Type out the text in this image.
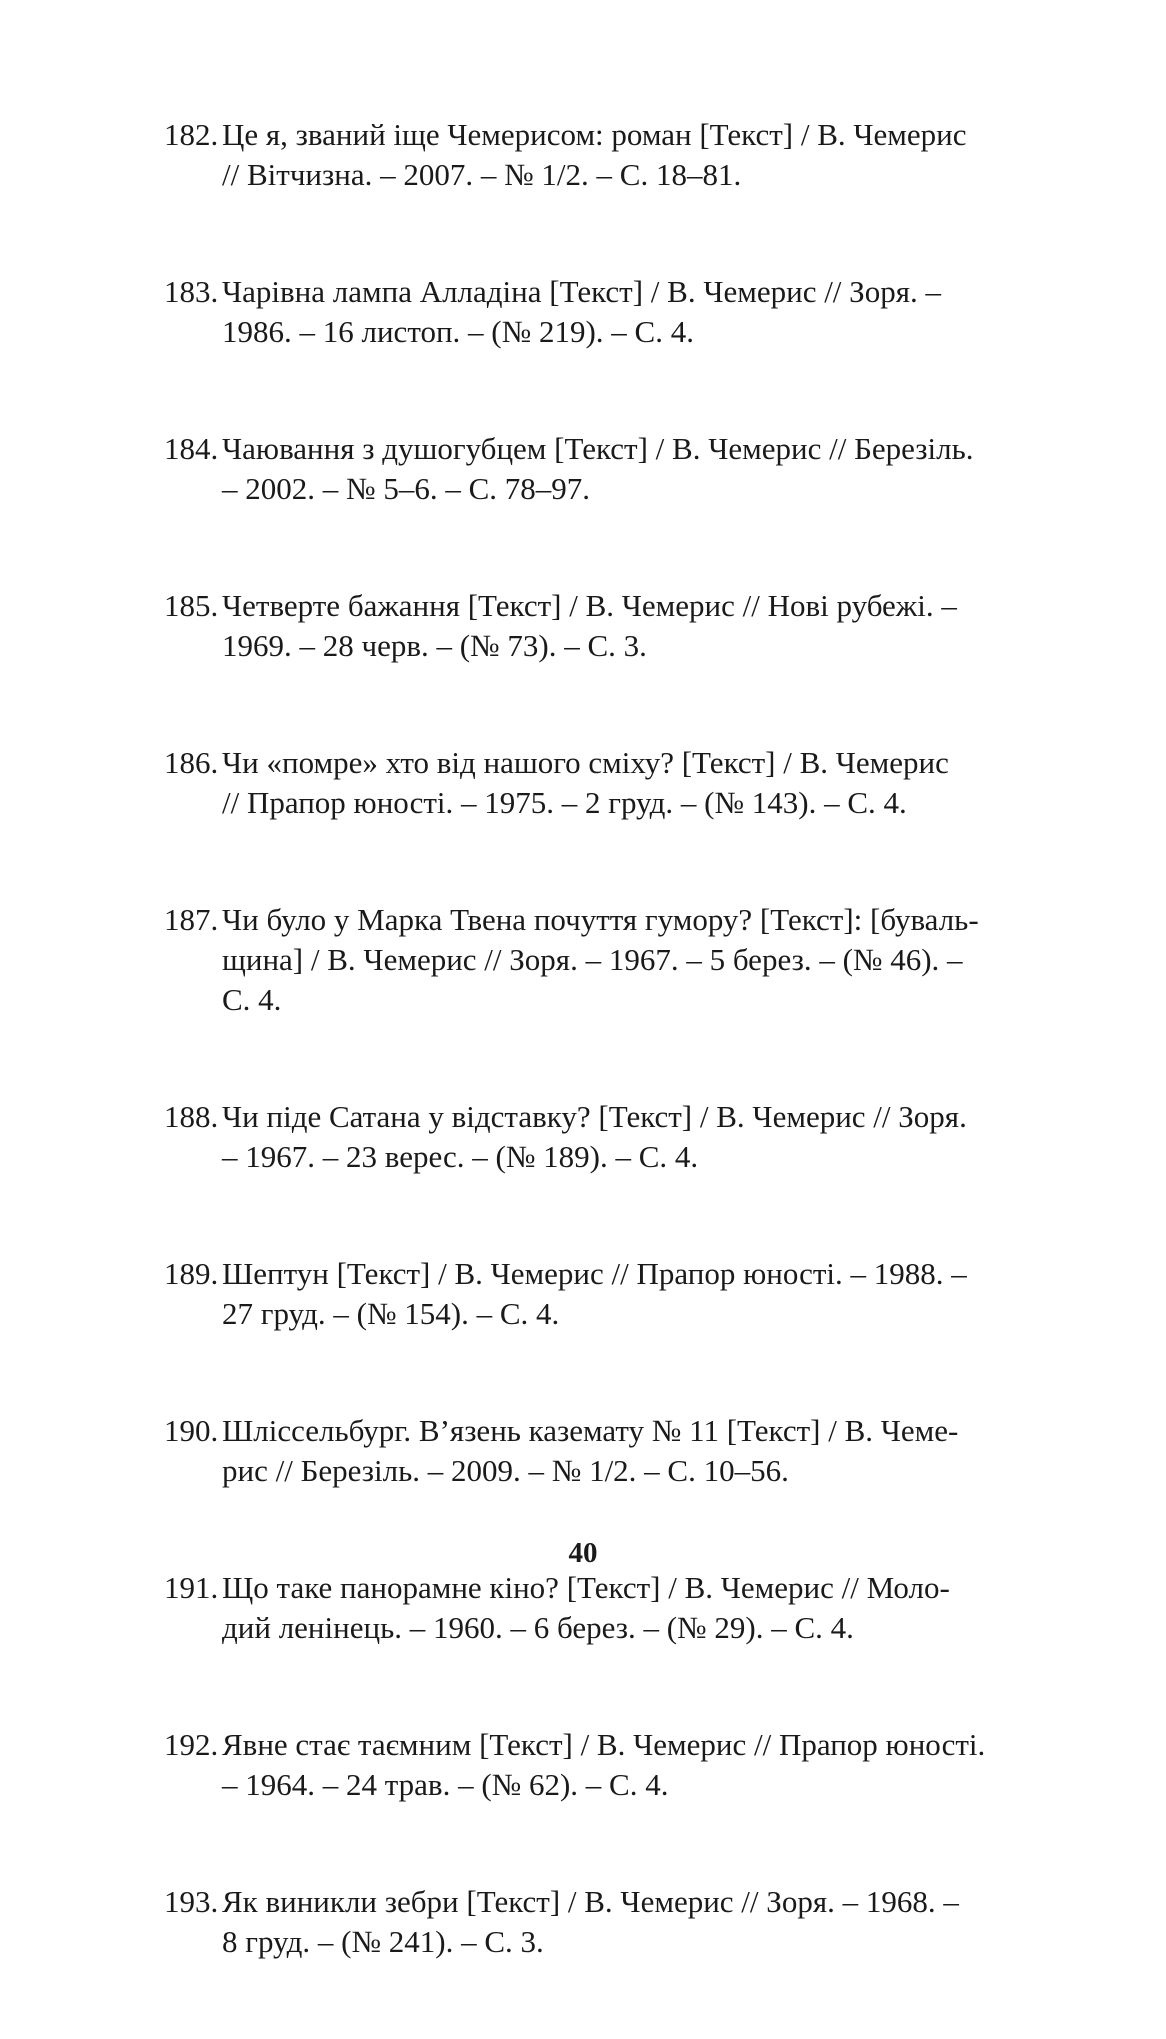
182. Це я, званий іще Чемерисом: роман [Текст] / В. Чемерис
// Вітчизна. – 2007. – № 1/2. – С. 18–81.
183. Чарівна лампа Алладіна [Текст] / В. Чемерис // Зоря. –
1986. – 16 листоп. – (№ 219). – С. 4.
184. Чаювання з душогубцем [Текст] / В. Чемерис // Березіль.
– 2002. – № 5–6. – С. 78–97.
185. Четверте бажання [Текст] / В. Чемерис // Нові рубежі. –
1969. – 28 черв. – (№ 73). – С. 3.
186. Чи «помре» хто від нашого сміху? [Текст] / В. Чемерис
// Прапор юності. – 1975. – 2 груд. – (№ 143). – С. 4.
187. Чи було у Марка Твена почуття гумору? [Текст]: [буваль-
щина] / В. Чемерис // Зоря. – 1967. – 5 берез. – (№ 46). –
С. 4.
188. Чи піде Сатана у відставку? [Текст] / В. Чемерис // Зоря.
– 1967. – 23 верес. – (№ 189). – С. 4.
189. Шептун [Текст] / В. Чемерис // Прапор юності. – 1988. –
27 груд. – (№ 154). – С. 4.
190. Шліссельбург. В’язень каземату № 11 [Текст] / В. Чеме-
рис // Березіль. – 2009. – № 1/2. – С. 10–56.
191. Що таке панорамне кіно? [Текст] / В. Чемерис // Моло-
дий ленінець. – 1960. – 6 берез. – (№ 29). – С. 4.
192. Явне стає таємним [Текст] / В. Чемерис // Прапор юності.
– 1964. – 24 трав. – (№ 62). – С. 4.
193. Як виникли зебри [Текст] / В. Чемерис // Зоря. – 1968. –
8 груд. – (№ 241). – С. 3.
40
